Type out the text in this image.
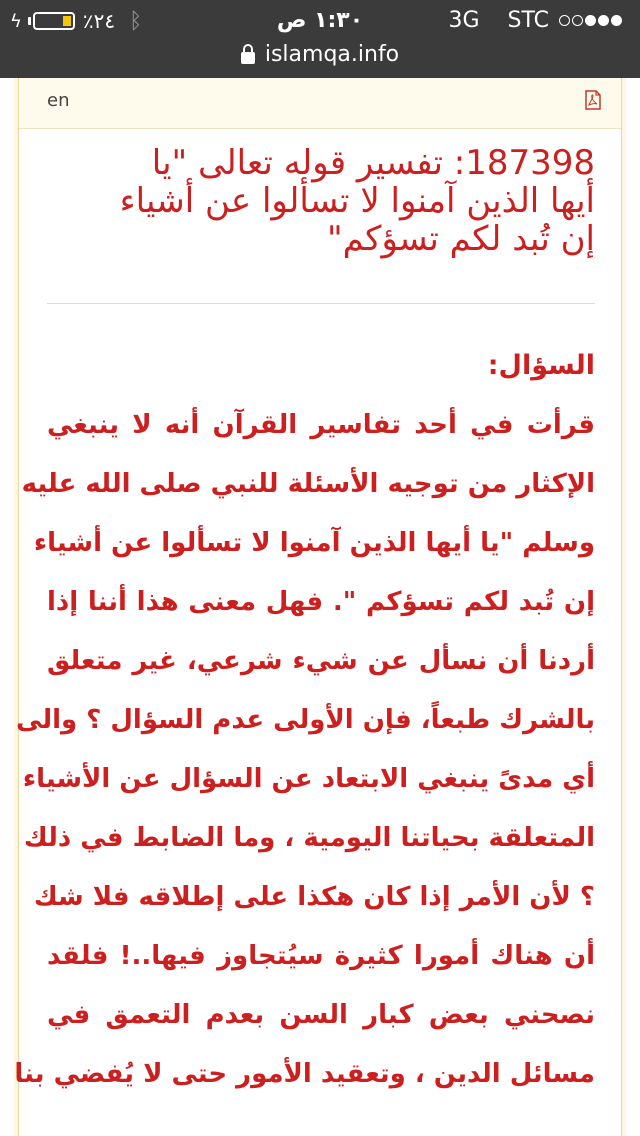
ϟ	٪٢٤ ᛒ	١:٣٠ ص	3G STC
islamqa.info
en
187398: تفسير قوله تعالى "يا
أيها الذين آمنوا لا تسألوا عن أشياء
إن تُبد لكم تسؤكم"
السؤال:
قرأت في أحد تفاسير القرآن أنه لا ينبغي
الإكثار من توجيه الأسئلة للنبي صلى الله عليه
وسلم "يا أيها الذين آمنوا لا تسألوا عن أشياء
إن تُبد لكم تسؤكم ". فهل معنى هذا أننا إذا
أردنا أن نسأل عن شيء شرعي، غير متعلق
بالشرك طبعاً، فإن الأولى عدم السؤال ؟ والى
أي مدىً ينبغي الابتعاد عن السؤال عن الأشياء
المتعلقة بحياتنا اليومية ، وما الضابط في ذلك
؟ لأن الأمر إذا كان هكذا على إطلاقه فلا شك
أن هناك أمورا كثيرة سيُتجاوز فيها..! فلقد
نصحني بعض كبار السن بعدم التعمق في
مسائل الدين ، وتعقيد الأمور حتى لا يُفضي بنا
